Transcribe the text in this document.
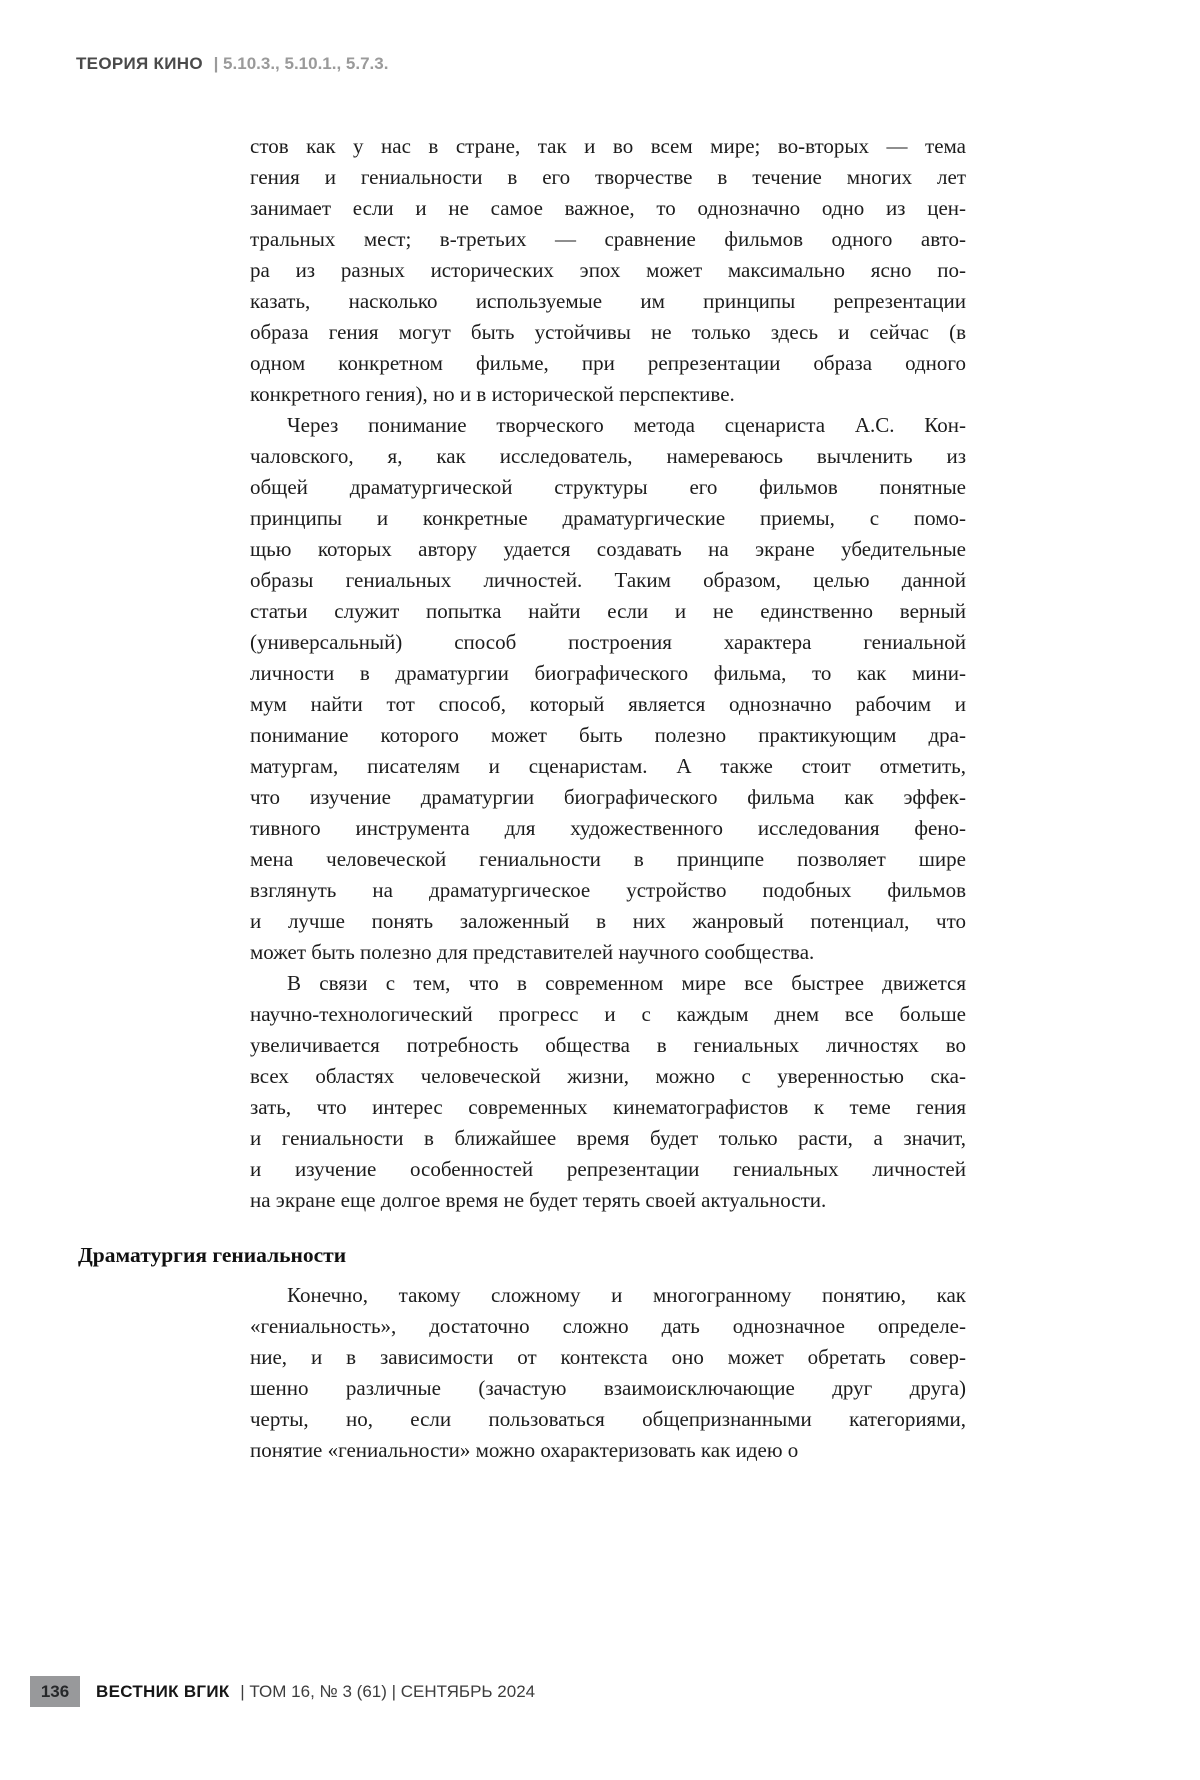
ТЕОРИЯ КИНО | 5.10.3., 5.10.1., 5.7.3.
стов как у нас в стране, так и во всем мире; во-вторых — тема
гения и гениальности в его творчестве в течение многих лет
занимает если и не самое важное, то однозначно одно из цен-
тральных мест; в-третьих — сравнение фильмов одного авто-
ра из разных исторических эпох может максимально ясно по-
казать, насколько используемые им принципы репрезентации
образа гения могут быть устойчивы не только здесь и сейчас (в
одном конкретном фильме, при репрезентации образа одного
конкретного гения), но и в исторической перспективе.
Через понимание творческого метода сценариста А.С. Кон-
чаловского, я, как исследователь, намереваюсь вычленить из
общей драматургической структуры его фильмов понятные
принципы и конкретные драматургические приемы, с помо-
щью которых автору удается создавать на экране убедительные
образы гениальных личностей. Таким образом, целью данной
статьи служит попытка найти если и не единственно верный
(универсальный) способ построения характера гениальной
личности в драматургии биографического фильма, то как мини-
мум найти тот способ, который является однозначно рабочим и
понимание которого может быть полезно практикующим дра-
матургам, писателям и сценаристам. А также стоит отметить,
что изучение драматургии биографического фильма как эффек-
тивного инструмента для художественного исследования фено-
мена человеческой гениальности в принципе позволяет шире
взглянуть на драматургическое устройство подобных фильмов
и лучше понять заложенный в них жанровый потенциал, что
может быть полезно для представителей научного сообщества.
В связи с тем, что в современном мире все быстрее движется
научно-технологический прогресс и с каждым днем все больше
увеличивается потребность общества в гениальных личностях во
всех областях человеческой жизни, можно с уверенностью ска-
зать, что интерес современных кинематографистов к теме гения
и гениальности в ближайшее время будет только расти, а значит,
и изучение особенностей репрезентации гениальных личностей
на экране еще долгое время не будет терять своей актуальности.
Драматургия гениальности
Конечно, такому сложному и многогранному понятию, как
«гениальность», достаточно сложно дать однозначное определе-
ние, и в зависимости от контекста оно может обретать совер-
шенно различные (зачастую взаимоисключающие друг друга)
черты, но, если пользоваться общепризнанными категориями,
понятие «гениальности» можно охарактеризовать как идею о
136	ВЕСТНИК ВГИК | ТОМ 16, № 3 (61) | СЕНТЯБРЬ 2024
